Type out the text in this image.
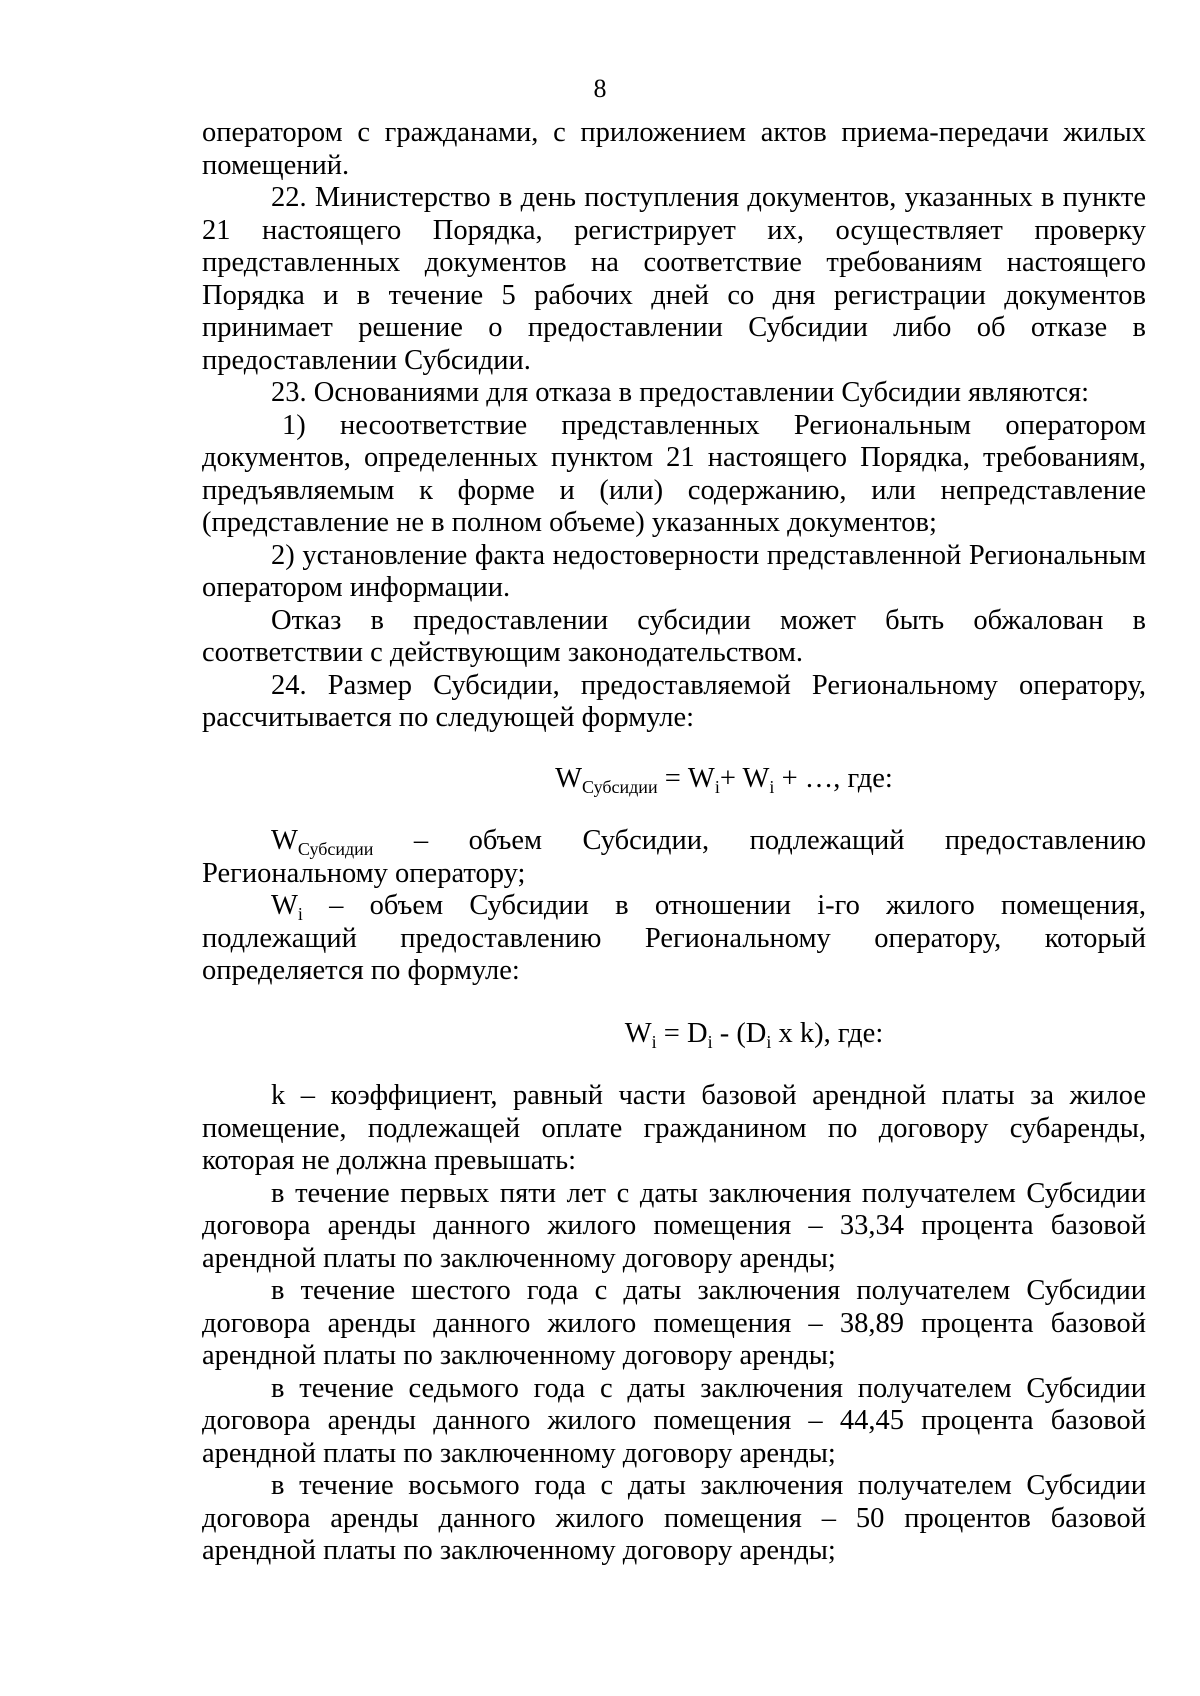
8

оператором с гражданами, с приложением актов приема-передачи жилых помещений.

22. Министерство в день поступления документов, указанных в пункте 21 настоящего Порядка, регистрирует их, осуществляет проверку представленных документов на соответствие требованиям настоящего Порядка и в течение 5 рабочих дней со дня регистрации документов принимает решение о предоставлении Субсидии либо об отказе в предоставлении Субсидии.

23. Основаниями для отказа в предоставлении Субсидии являются:

1) несоответствие представленных Региональным оператором документов, определенных пунктом 21 настоящего Порядка, требованиям, предъявляемым к форме и (или) содержанию, или непредставление (представление не в полном объеме) указанных документов;

2) установление факта недостоверности представленной Региональным оператором информации.

Отказ в предоставлении субсидии может быть обжалован в соответствии с действующим законодательством.

24. Размер Субсидии, предоставляемой Региональному оператору, рассчитывается по следующей формуле:

$W_{Субсидии} = W_i+ W_i$ + …, где:

$W_{Субсидии}$ – объем Субсидии, подлежащий предоставлению

Региональному оператору;

$W_i$ – объем Субсидии в отношении i-го жилого помещения, подлежащий предоставлению Региональному оператору, который определяется по формуле:

$W_i = D_i - (D_i$ x k), где:

k – коэффициент, равный части базовой арендной платы за жилое помещение, подлежащей оплате гражданином по договору субаренды, которая не должна превышать:

в течение первых пяти лет с даты заключения получателем Субсидии договора аренды данного жилого помещения – 33,34 процента базовой арендной платы по заключенному договору аренды;

в течение шестого года с даты заключения получателем Субсидии договора аренды данного жилого помещения – 38,89 процента базовой арендной платы по заключенному договору аренды;

в течение седьмого года с даты заключения получателем Субсидии договора аренды данного жилого помещения – 44,45 процента базовой арендной платы по заключенному договору аренды;

в течение восьмого года с даты заключения получателем Субсидии договора аренды данного жилого помещения – 50 процентов базовой арендной платы по заключенному договору аренды;
